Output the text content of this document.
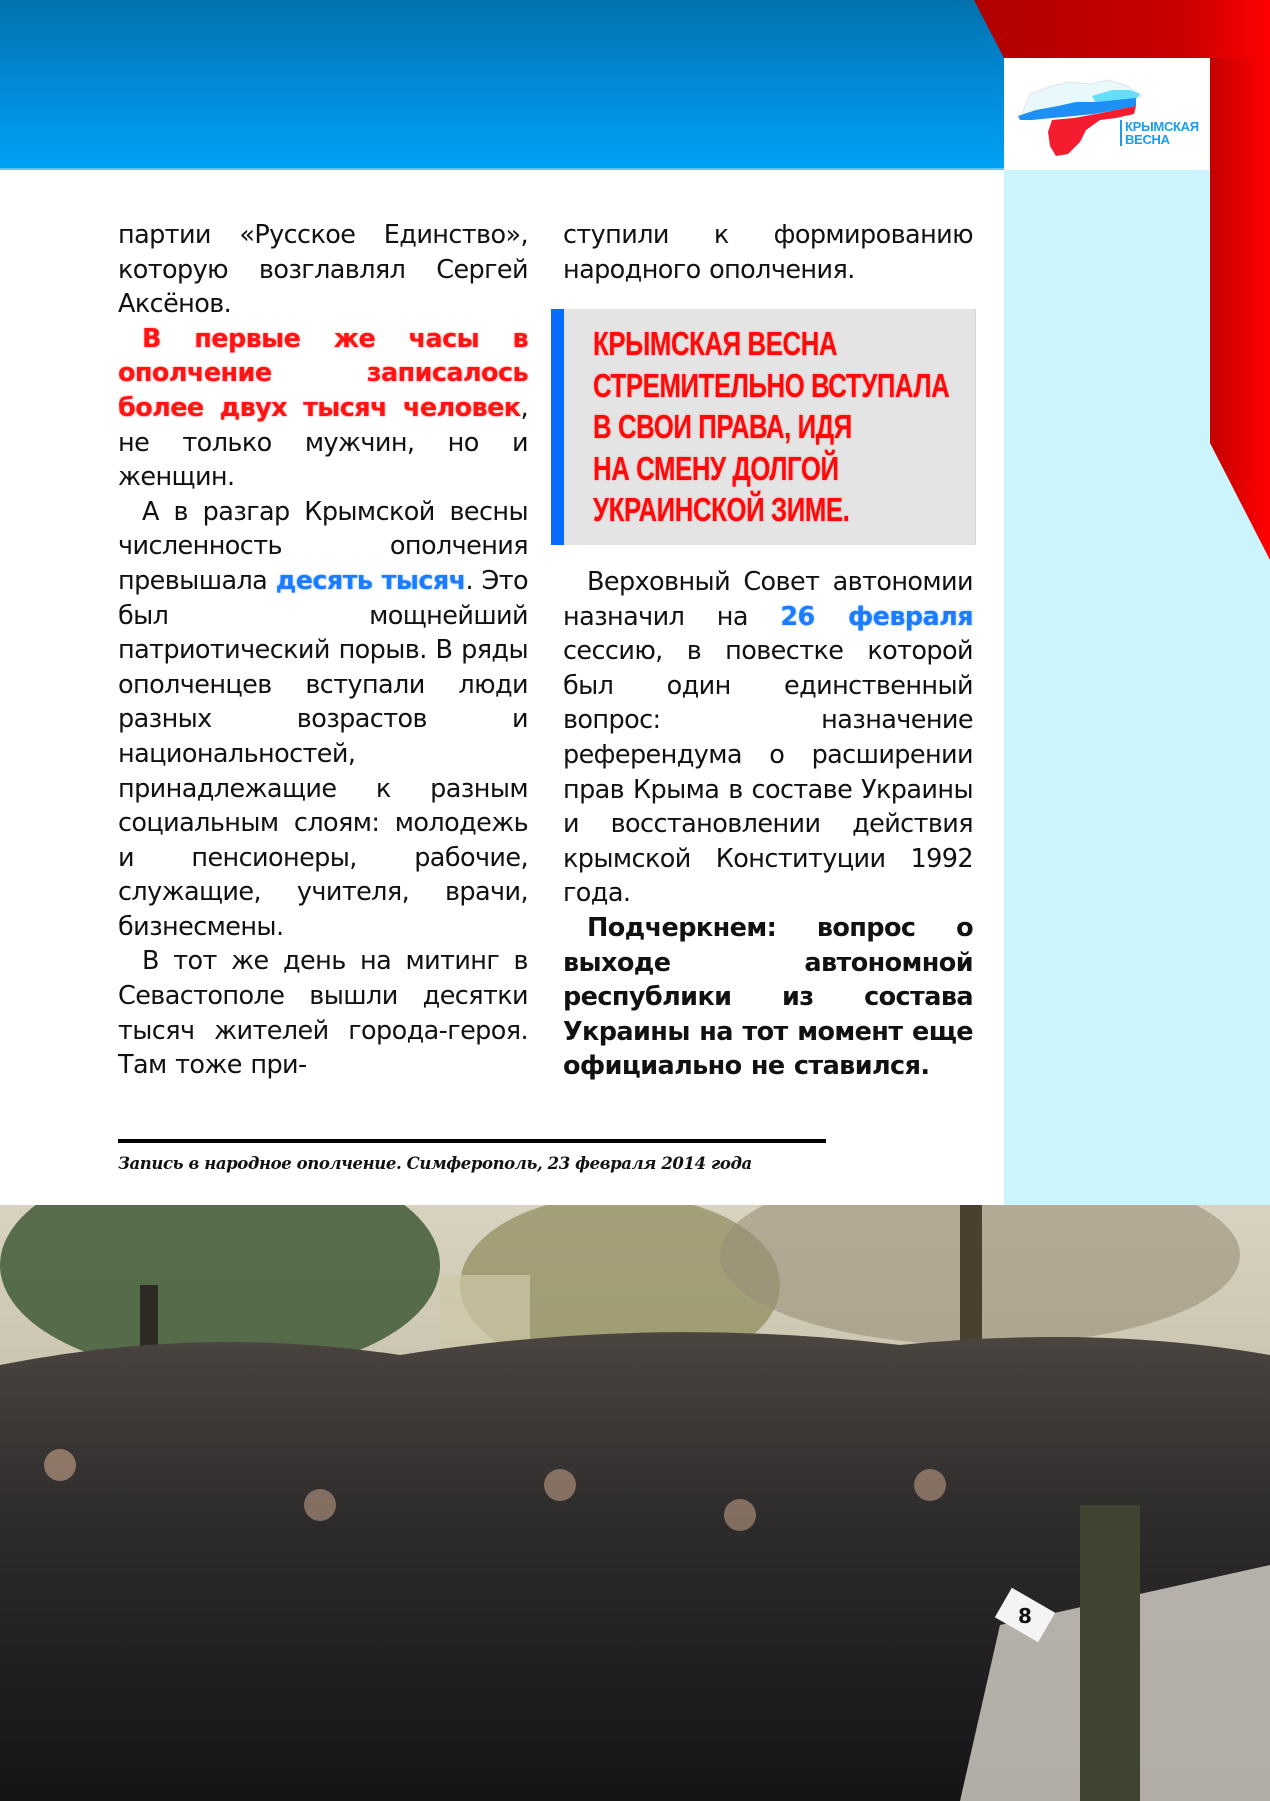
КРЫМСКАЯ
ВЕСНА

партии «Русское Единство», которую возглавлял Сергей Аксёнов.

В первые же часы в ополчение записалось более двух тысяч человек, не только мужчин, но и женщин.

А в разгар Крымской весны численность ополчения превышала десять тысяч. Это был мощнейший патриотический порыв. В ряды ополченцев вступали люди разных возрастов и национальностей, принадлежащие к разным социальным слоям: молодежь и пенсионеры, рабочие, служащие, учителя, врачи, бизнесмены.

В тот же день на митинг в Севастополе вышли десятки тысяч жителей города-героя. Там тоже при-

ступили к формированию народного ополчения.

КРЫМСКАЯ ВЕСНА
СТРЕМИТЕЛЬНО ВСТУПАЛА
В СВОИ ПРАВА, ИДЯ
НА СМЕНУ ДОЛГОЙ
УКРАИНСКОЙ ЗИМЕ.

Верховный Совет автономии назначил на 26 февраля сессию, в повестке которой был один единственный вопрос: назначение референдума о расширении прав Крыма в составе Украины и восстановлении действия крымской Конституции 1992 года.

Подчеркнем: вопрос о выходе автономной республики из состава Украины на тот момент еще официально не ставился.

Запись в народное ополчение. Симферополь, 23 февраля 2014 года
8
